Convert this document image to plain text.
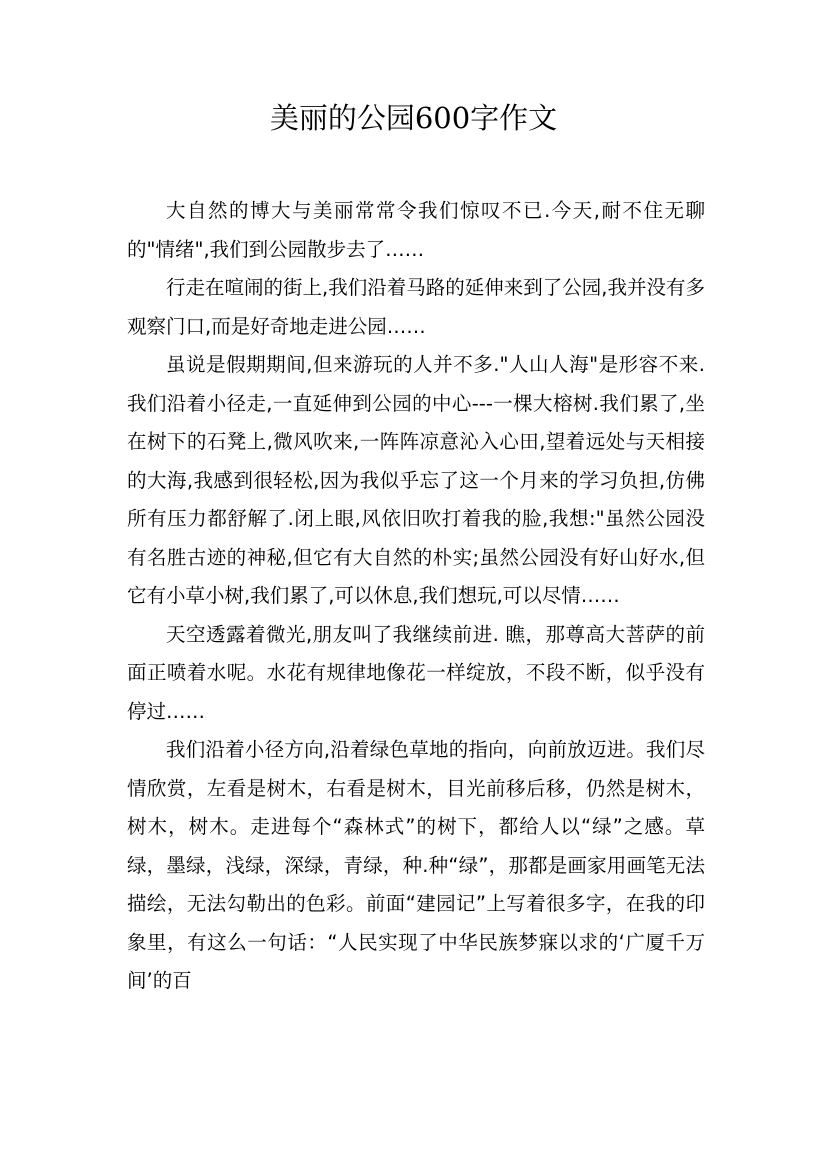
美丽的公园600字作文

大自然的博大与美丽常常令我们惊叹不已.今天,耐不住无聊的"情绪",我们到公园散步去了……

行走在喧闹的街上,我们沿着马路的延伸来到了公园,我并没有多观察门口,而是好奇地走进公园……

虽说是假期期间,但来游玩的人并不多."人山人海"是形容不来.我们沿着小径走,一直延伸到公园的中心---一棵大榕树.我们累了,坐在树下的石凳上,微风吹来,一阵阵凉意沁入心田,望着远处与天相接的大海,我感到很轻松,因为我似乎忘了这一个月来的学习负担,仿佛所有压力都舒解了.闭上眼,风依旧吹打着我的脸,我想:"虽然公园没有名胜古迹的神秘,但它有大自然的朴实;虽然公园没有好山好水,但它有小草小树,我们累了,可以休息,我们想玩,可以尽情……

天空透露着微光,朋友叫了我继续前进. 瞧，那尊高大菩萨的前面正喷着水呢。水花有规律地像花一样绽放，不段不断，似乎没有停过……

我们沿着小径方向,沿着绿色草地的指向，向前放迈进。我们尽情欣赏，左看是树木，右看是树木，目光前移后移，仍然是树木，树木，树木。走进每个“森林式”的树下，都给人以“绿”之感。草绿，墨绿，浅绿，深绿，青绿，种.种“绿”，那都是画家用画笔无法描绘，无法勾勒出的色彩。前面“建园记”上写着很多字，在我的印象里，有这么一句话：“人民实现了中华民族梦寐以求的‘广厦千万间’的百
